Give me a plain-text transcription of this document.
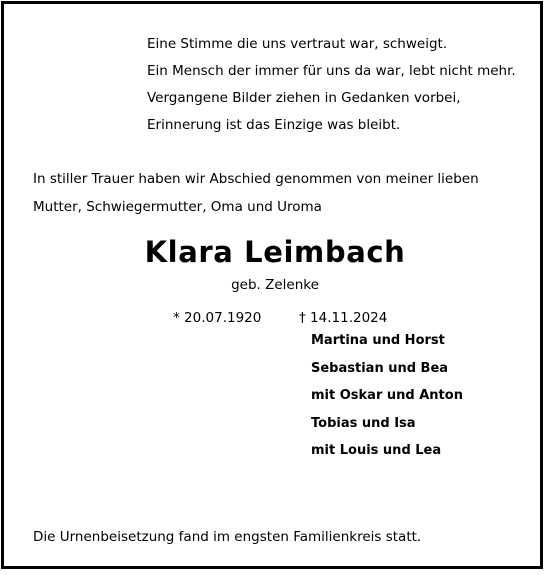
Eine Stimme die uns vertraut war, schweigt.
Ein Mensch der immer für uns da war, lebt nicht mehr.
Vergangene Bilder ziehen in Gedanken vorbei,
Erinnerung ist das Einzige was bleibt.
In stiller Trauer haben wir Abschied genommen von meiner lieben
Mutter, Schwiegermutter, Oma und Uroma
Klara Leimbach
geb. Zelenke
* 20.07.1920	† 14.11.2024
Martina und Horst
Sebastian und Bea
mit Oskar und Anton
Tobias und Isa
mit Louis und Lea
Die Urnenbeisetzung fand im engsten Familienkreis statt.
